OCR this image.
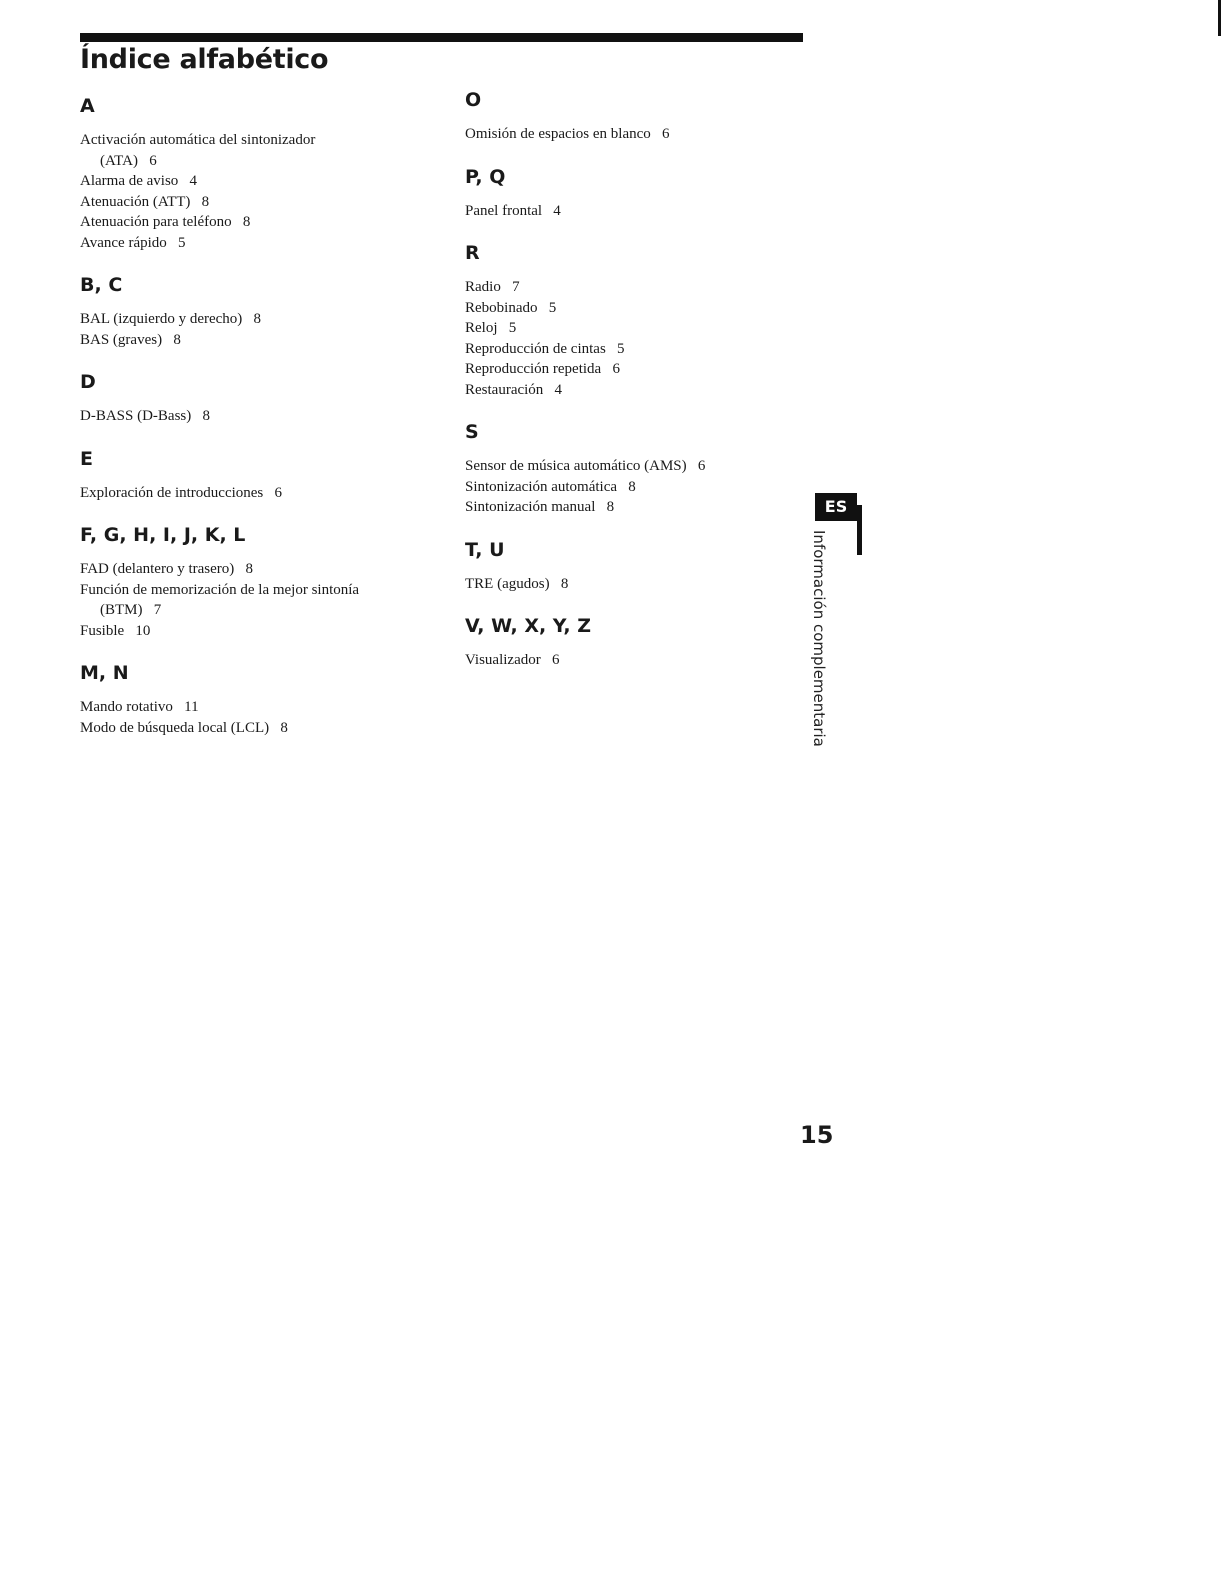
Índice alfabético
A
Activación automática del sintonizador
(ATA)   6
Alarma de aviso   4
Atenuación (ATT)   8
Atenuación para teléfono   8
Avance rápido   5
B, C
BAL (izquierdo y derecho)   8
BAS (graves)   8
D
D-BASS (D-Bass)   8
E
Exploración de introducciones   6
F, G, H, I, J, K, L
FAD (delantero y trasero)   8
Función de memorización de la mejor sintonía
(BTM)   7
Fusible   10
M, N
Mando rotativo   11
Modo de búsqueda local (LCL)   8
O
Omisión de espacios en blanco   6
P, Q
Panel frontal   4
R
Radio   7
Rebobinado   5
Reloj   5
Reproducción de cintas   5
Reproducción repetida   6
Restauración   4
S
Sensor de música automático (AMS)   6
Sintonización automática   8
Sintonización manual   8
T, U
TRE (agudos)   8
V, W, X, Y, Z
Visualizador   6
ES
Información complementaria
15
